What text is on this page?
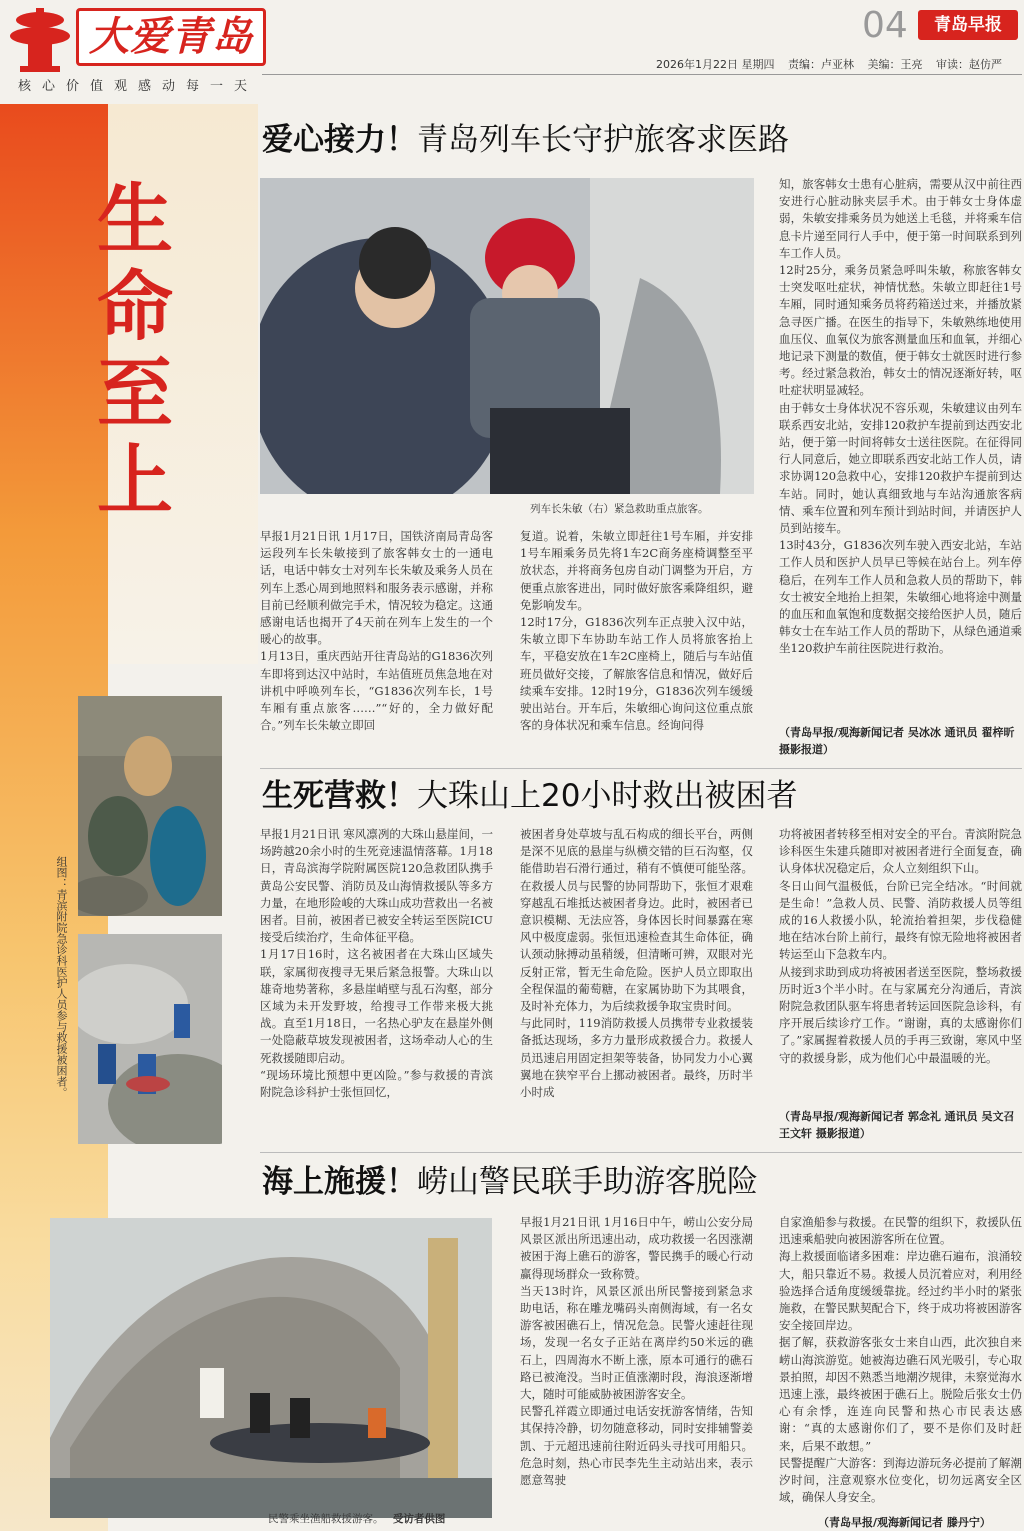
大爱青岛
核心价值观感动每一天
04	青岛早报
2026年1月22日 星期四 责编：卢亚林 美编：王亮 审读：赵仿严
生命至上
组图：青滨附院急诊科医护人员参与救援被困者。
爱心接力！青岛列车长守护旅客求医路
列车长朱敏（右）紧急救助重点旅客。
早报1月21日讯 1月17日，国铁济南局青岛客运段列车长朱敏接到了旅客韩女士的一通电话，电话中韩女士对列车长朱敏及乘务人员在列车上悉心周到地照料和服务表示感谢，并称目前已经顺利做完手术，情况较为稳定。这通感谢电话也揭开了4天前在列车上发生的一个暖心的故事。
1月13日，重庆西站开往青岛站的G1836次列车即将到达汉中站时，车站值班员焦急地在对讲机中呼唤列车长，“G1836次列车长，1号车厢有重点旅客……”“好的，全力做好配合。”列车长朱敏立即回
复道。说着，朱敏立即赶往1号车厢，并安排1号车厢乘务员先将1车2C商务座椅调整至平放状态，并将商务包房自动门调整为开启，方便重点旅客进出，同时做好旅客乘降组织，避免影响发车。
12时17分，G1836次列车正点驶入汉中站，朱敏立即下车协助车站工作人员将旅客抬上车，平稳安放在1车2C座椅上，随后与车站值班员做好交接，了解旅客信息和情况，做好后续乘车安排。12时19分，G1836次列车缓缓驶出站台。开车后，朱敏细心询问这位重点旅客的身体状况和乘车信息。经询问得
知，旅客韩女士患有心脏病，需要从汉中前往西安进行心脏动脉夹层手术。由于韩女士身体虚弱，朱敏安排乘务员为她送上毛毯，并将乘车信息卡片递至同行人手中，便于第一时间联系到列车工作人员。
12时25分，乘务员紧急呼叫朱敏，称旅客韩女士突发呕吐症状，神情忧愁。朱敏立即赶往1号车厢，同时通知乘务员将药箱送过来，并播放紧急寻医广播。在医生的指导下，朱敏熟练地使用血压仪、血氧仪为旅客测量血压和血氧，并细心地记录下测量的数值，便于韩女士就医时进行参考。经过紧急救治，韩女士的情况逐渐好转，呕吐症状明显减轻。
由于韩女士身体状况不容乐观，朱敏建议由列车联系西安北站，安排120救护车提前到达西安北站，便于第一时间将韩女士送往医院。在征得同行人同意后，她立即联系西安北站工作人员，请求协调120急救中心，安排120救护车提前到达车站。同时，她认真细致地与车站沟通旅客病情、乘车位置和列车预计到站时间，并请医护人员到站接车。
13时43分，G1836次列车驶入西安北站，车站工作人员和医护人员早已等候在站台上。列车停稳后，在列车工作人员和急救人员的帮助下，韩女士被安全地抬上担架，朱敏细心地将途中测量的血压和血氧饱和度数据交接给医护人员，随后韩女士在车站工作人员的帮助下，从绿色通道乘坐120救护车前往医院进行救治。
（青岛早报/观海新闻记者 吴冰冰 通讯员 翟梓昕 摄影报道）
生死营救！大珠山上20小时救出被困者
早报1月21日讯 寒风凛冽的大珠山悬崖间，一场跨越20余小时的生死竞速温情落幕。1月18日，青岛滨海学院附属医院120急救团队携手黄岛公安民警、消防员及山海情救援队等多方力量，在地形险峻的大珠山成功营救出一名被困者。目前，被困者已被安全转运至医院ICU接受后续治疗，生命体征平稳。
1月17日16时，这名被困者在大珠山区域失联，家属彻夜搜寻无果后紧急报警。大珠山以雄奇地势著称，多悬崖峭壁与乱石沟壑，部分区域为未开发野坡，给搜寻工作带来极大挑战。直至1月18日，一名热心驴友在悬崖外侧一处隐蔽草坡发现被困者，这场牵动人心的生死救援随即启动。
“现场环境比预想中更凶险。”参与救援的青滨附院急诊科护士张恒回忆，
被困者身处草坡与乱石构成的细长平台，两侧是深不见底的悬崖与纵横交错的巨石沟壑，仅能借助岩石滑行通过，稍有不慎便可能坠落。在救援人员与民警的协同帮助下，张恒才艰难穿越乱石堆抵达被困者身边。此时，被困者已意识模糊、无法应答，身体因长时间暴露在寒风中极度虚弱。张恒迅速检查其生命体征，确认颈动脉搏动虽稍缓，但清晰可辨，双眼对光反射正常，暂无生命危险。医护人员立即取出全程保温的葡萄糖，在家属协助下为其喂食，及时补充体力，为后续救援争取宝贵时间。
与此同时，119消防救援人员携带专业救援装备抵达现场，多方力量形成救援合力。救援人员迅速启用固定担架等装备，协同发力小心翼翼地在狭窄平台上挪动被困者。最终，历时半小时成
功将被困者转移至相对安全的平台。青滨附院急诊科医生朱建兵随即对被困者进行全面复查，确认身体状况稳定后，众人立刻组织下山。
冬日山间气温极低，台阶已完全结冰。“时间就是生命！”急救人员、民警、消防救援人员等组成的16人救援小队，轮流抬着担架，步伐稳健地在结冰台阶上前行，最终有惊无险地将被困者转运至山下急救车内。
从接到求助到成功将被困者送至医院，整场救援历时近3个半小时。在与家属充分沟通后，青滨附院急救团队驱车将患者转运回医院急诊科，有序开展后续诊疗工作。“谢谢，真的太感谢你们了。”家属握着救援人员的手再三致谢，寒风中坚守的救援身影，成为他们心中最温暖的光。
（青岛早报/观海新闻记者 郭念礼 通讯员 吴文召 王文轩 摄影报道）
海上施援！崂山警民联手助游客脱险
民警乘坐渔船救援游客。 受访者供图
早报1月21日讯 1月16日中午，崂山公安分局风景区派出所迅速出动，成功救援一名因涨潮被困于海上礁石的游客，警民携手的暖心行动赢得现场群众一致称赞。
当天13时许，风景区派出所民警接到紧急求助电话，称在雕龙嘴码头南侧海域，有一名女游客被困礁石上，情况危急。民警火速赶往现场，发现一名女子正站在离岸约50米远的礁石上，四周海水不断上涨，原本可通行的礁石路已被淹没。当时正值涨潮时段，海浪逐渐增大，随时可能威胁被困游客安全。
民警孔祥霞立即通过电话安抚游客情绪，告知其保持冷静，切勿随意移动，同时安排辅警姜凯、于元超迅速前往附近码头寻找可用船只。危急时刻，热心市民李先生主动站出来，表示愿意驾驶
自家渔船参与救援。在民警的组织下，救援队伍迅速乘船驶向被困游客所在位置。
海上救援面临诸多困难：岸边礁石遍布，浪涌较大，船只靠近不易。救援人员沉着应对，利用经验选择合适角度缓缓靠拢。经过约半小时的紧张施救，在警民默契配合下，终于成功将被困游客安全接回岸边。
据了解，获救游客张女士来自山西，此次独自来崂山海滨游览。她被海边礁石风光吸引，专心取景拍照，却因不熟悉当地潮汐规律，未察觉海水迅速上涨，最终被困于礁石上。脱险后张女士仍心有余悸，连连向民警和热心市民表达感谢：“真的太感谢你们了，要不是你们及时赶来，后果不敢想。”
民警提醒广大游客：到海边游玩务必提前了解潮汐时间，注意观察水位变化，切勿远离安全区域，确保人身安全。
（青岛早报/观海新闻记者 滕丹宁）
